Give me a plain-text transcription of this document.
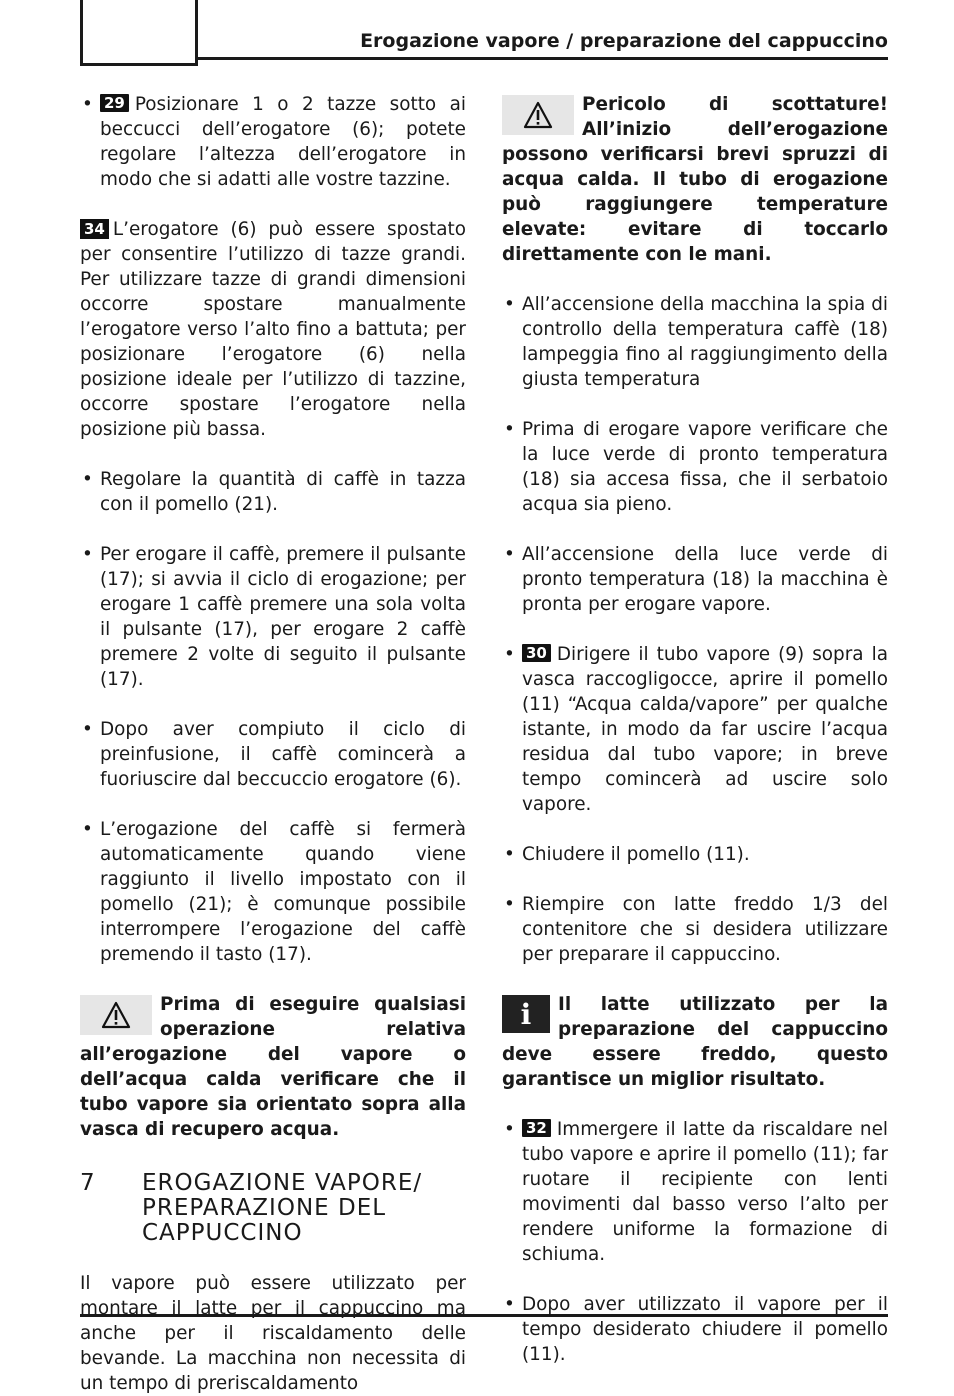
Erogazione vapore / preparazione del cappuccino
• 29 Posizionare 1 o 2 tazze sotto ai beccucci dell’erogatore (6); potete regolare l’altezza dell’erogatore in modo che si adatti alle vostre tazzine.

34 L’erogatore (6) può essere spostato per consentire l’utilizzo di tazze grandi. Per utilizzare tazze di grandi dimensioni occorre spostare manualmente l’erogatore verso l’alto fino a battuta; per posizionare l’erogatore (6) nella posizione ideale per l’utilizzo di tazzine, occorre spostare l’erogatore nella posizione più bassa.

• Regolare la quantità di caffè in tazza con il pomello (21).
• Per erogare il caffè, premere il pulsante (17); si avvia il ciclo di erogazione; per erogare 1 caffè premere una sola volta il pulsante (17), per erogare 2 caffè premere 2 volte di seguito il pulsante (17).
• Dopo aver compiuto il ciclo di preinfusione, il caffè comincerà a fuoriuscire dal beccuccio erogatore (6).
• L’erogazione del caffè si fermerà automaticamente quando viene raggiunto il livello impostato con il pomello (21); è comunque possibile interrompere l’erogazione del caffè premendo il tasto (17).
Prima di eseguire qualsiasi operazione relativa all’erogazione del vapore o dell’acqua calda verificare che il tubo vapore sia orientato sopra alla vasca di recupero acqua.
7	EROGAZIONE VAPORE/ PREPARAZIONE DEL CAPPUCCINO

Il vapore può essere utilizzato per montare il latte per il cappuccino ma anche per il riscaldamento delle bevande. La macchina non necessita di un tempo di preriscaldamento

Pericolo di scottature! All’inizio dell’erogazione possono verificarsi brevi spruzzi di acqua calda. Il tubo di erogazione può raggiungere temperature elevate: evitare di toccarlo direttamente con le mani.
• All’accensione della macchina la spia di controllo della temperatura caffè (18) lampeggia fino al raggiungimento della giusta temperatura
• Prima di erogare vapore verificare che la luce verde di pronto temperatura (18) sia accesa fissa, che il serbatoio acqua sia pieno.
• All’accensione della luce verde di pronto temperatura (18) la macchina è pronta per erogare vapore.
• 30 Dirigere il tubo vapore (9) sopra la vasca raccogligocce, aprire il pomello (11) “Acqua calda/vapore” per qualche istante, in modo da far uscire l’acqua residua dal tubo vapore; in breve tempo comincerà ad uscire solo vapore.
• Chiudere il pomello (11).
• Riempire con latte freddo 1/3 del contenitore che si desidera utilizzare per preparare il cappuccino.
i	Il latte utilizzato per la preparazione del cappuccino deve essere freddo, questo garantisce un miglior risultato.
• 32 Immergere il latte da riscaldare nel tubo vapore e aprire il pomello (11); far ruotare il recipiente con lenti movimenti dal basso verso l’alto per rendere uniforme la formazione di schiuma.
• Dopo aver utilizzato il vapore per il tempo desiderato chiudere il pomello (11).
